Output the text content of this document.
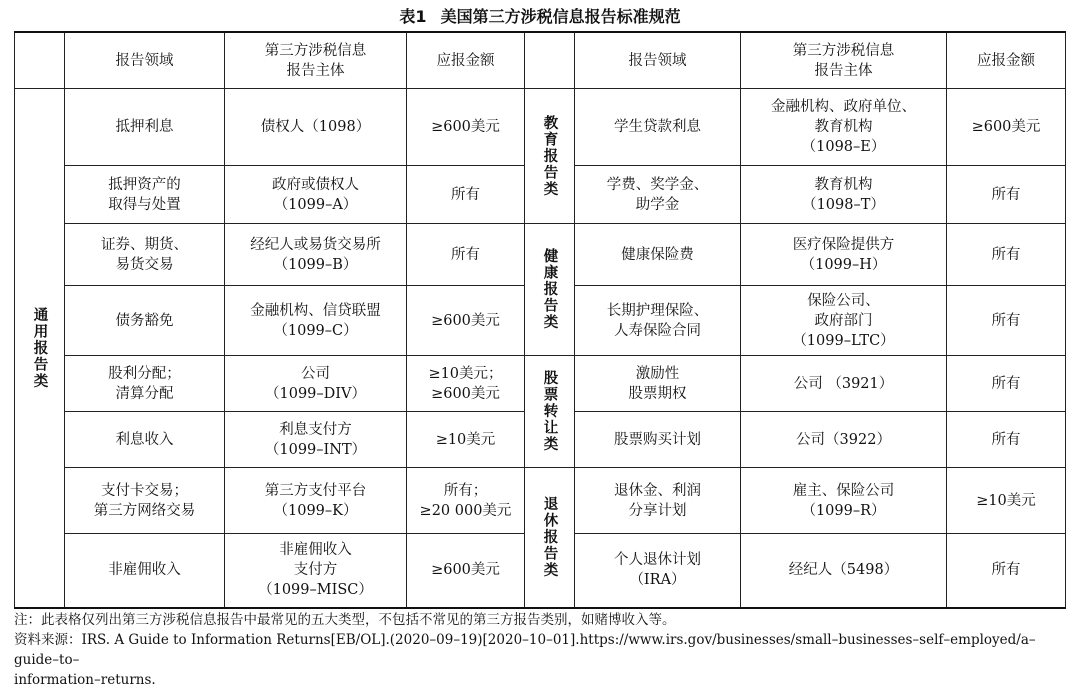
表1 美国第三方涉税信息报告标准规范
	报告领域	第三方涉税信息
报告主体	应报金额		报告领域	第三方涉税信息
报告主体	应报金额

通用报告类	抵押利息	债权人（1098）	≥600美元	教育报告类	学生贷款利息	金融机构、政府单位、
教育机构
（1098–E）	≥600美元

	抵押资产的
取得与处置	政府或债权人
（1099–A）	所有		学费、奖学金、
助学金	教育机构
（1098–T）	所有

	证券、期货、
易货交易	经纪人或易货交易所
（1099–B）	所有	健康报告类	健康保险费	医疗保险提供方
（1099–H）	所有

	债务豁免	金融机构、信贷联盟
（1099–C）	≥600美元		长期护理保险、
人寿保险合同	保险公司、
政府部门
（1099–LTC）	所有

	股利分配；
清算分配	公司
（1099–DIV）	≥10美元；
≥600美元	股票转让类	激励性
股票期权	公司 （3921）	所有

	利息收入	利息支付方
（1099–INT）	≥10美元		股票购买计划	公司（3922）	所有

	支付卡交易；
第三方网络交易	第三方支付平台
（1099–K）	所有；
≥20 000美元	退休报告类	退休金、利润
分享计划	雇主、保险公司
（1099–R）	≥10美元

	非雇佣收入	非雇佣收入
支付方
（1099–MISC）	≥600美元		个人退休计划
（IRA）	经纪人（5498）	所有
注：此表格仅列出第三方涉税信息报告中最常见的五大类型，不包括不常见的第三方报告类别，如赌博收入等。
资料来源：IRS. A Guide to Information Returns[EB/OL].(2020–09–19)[2020–10–01].https://www.irs.gov/businesses/small–businesses–self–employed/a–guide–to–
information–returns.
